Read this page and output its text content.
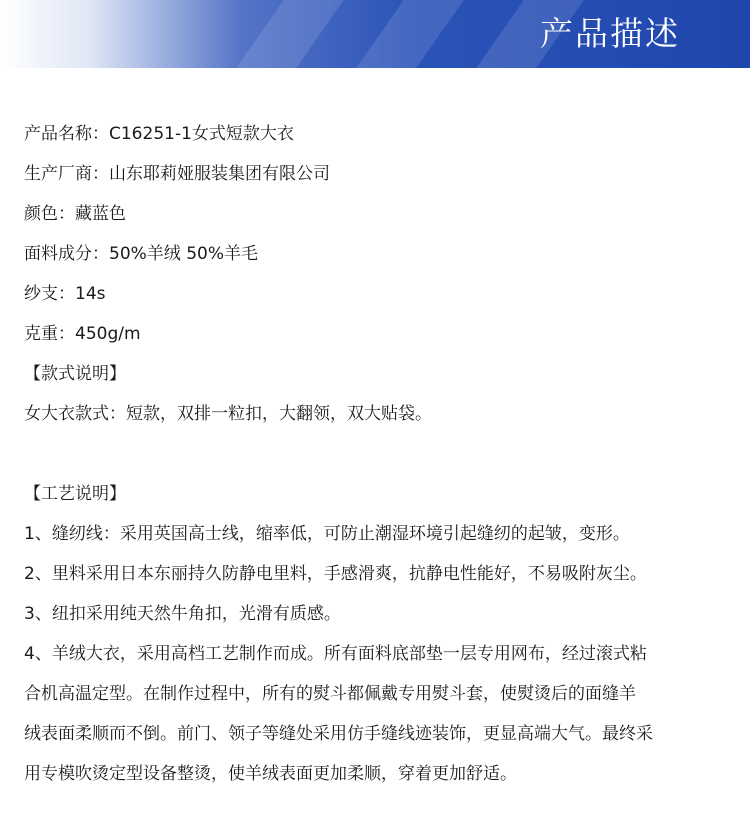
产品描述
产品名称：C16251-1女式短款大衣
生产厂商：山东耶莉娅服装集团有限公司
颜色：藏蓝色
面料成分：50%羊绒 50%羊毛
纱支：14s
克重：450g/m
【款式说明】
女大衣款式：短款，双排一粒扣，大翻领，双大贴袋。
【工艺说明】
1、缝纫线：采用英国高士线，缩率低，可防止潮湿环境引起缝纫的起皱，变形。
2、里料采用日本东丽持久防静电里料，手感滑爽，抗静电性能好，不易吸附灰尘。
3、纽扣采用纯天然牛角扣，光滑有质感。
4、羊绒大衣，采用高档工艺制作而成。所有面料底部垫一层专用网布，经过滚式粘
合机高温定型。在制作过程中，所有的熨斗都佩戴专用熨斗套，使熨烫后的面缝羊
绒表面柔顺而不倒。前门、领子等缝处采用仿手缝线迹装饰，更显高端大气。最终采
用专模吹烫定型设备整烫，使羊绒表面更加柔顺，穿着更加舒适。
